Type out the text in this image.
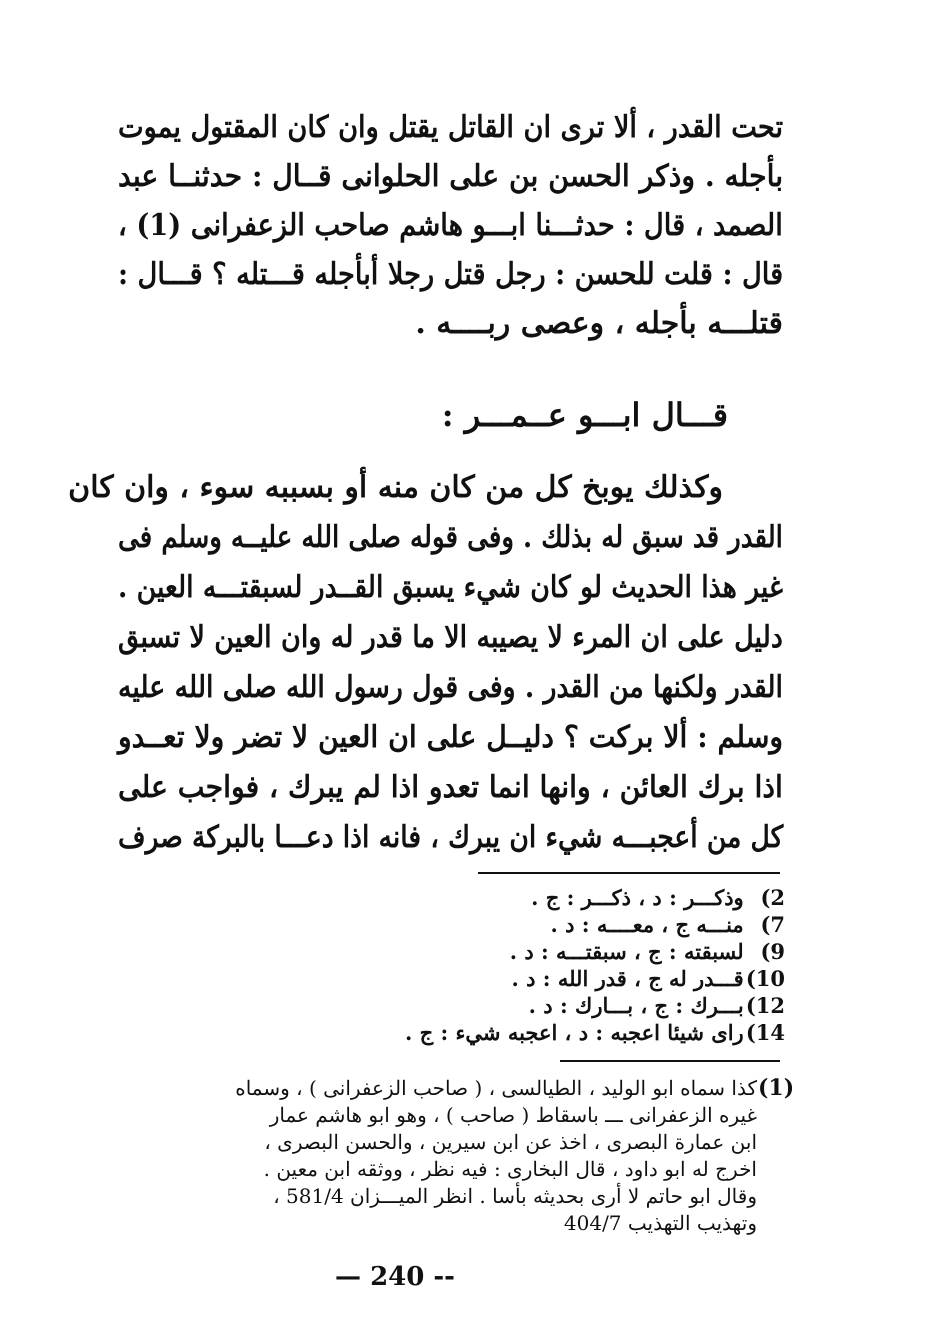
تحت القدر ، ألا ترى ان القاتل يقتل وان كان المقتول يموت
بأجله . وذكر الحسن بن على الحلوانى قــال : حدثنــا عبد
الصمد ، قال : حدثـــنا ابـــو هاشم صاحب الزعفرانى (1) ،
قال : قلت للحسن : رجل قتل رجلا أبأجله قـــتله ؟ قـــال :
قتلـــه بأجله ، وعصى ربــــه .
قـــال ابـــو عــمـــر :
وكذلك يوبخ كل من كان منه أو بسببه سوء ، وان كان
القدر قد سبق له بذلك . وفى قوله صلى الله عليــه وسلم فى
غير هذا الحديث لو كان شيء يسبق القــدر لسبقتـــه العين .
دليل على ان المرء لا يصيبه الا ما قدر له وان العين لا تسبق
القدر ولكنها من القدر . وفى قول رسول الله صلى الله عليه
وسلم : ألا بركت ؟ دليــل على ان العين لا تضر ولا تعــدو
اذا برك العائن ، وانها انما تعدو اذا لم يبرك ، فواجب على
كل من أعجبـــه شيء ان يبرك ، فانه اذا دعـــا بالبركة صرف
2) وذكـــر : د ، ذكـــر : ج .
7) منـــه ج ، معــــه : د .
9) لسبقته : ج ، سبقتـــه : د .
10) قـــدر له ج ، قدر الله : د .
12) بـــرك : ج ، بـــارك : د .
14) راى شيئا اعجبه : د ، اعجبه شيء : ج .
(1)
كذا سماه ابو الوليد ، الطيالسى ، ( صاحب الزعفرانى ) ، وسماه
غيره الزعفرانى ـــ باسقاط ( صاحب ) ، وهو ابو هاشم عمار
ابن عمارة البصرى ، اخذ عن ابن سيرين ، والحسن البصرى ،
اخرج له ابو داود ، قال البخارى : فيه نظر ، ووثقه ابن معين .
وقال ابو حاتم لا أرى بحديثه بأسا . انظر الميـــزان 581/4 ،
وتهذيب التهذيب 404/7
— 240 --
